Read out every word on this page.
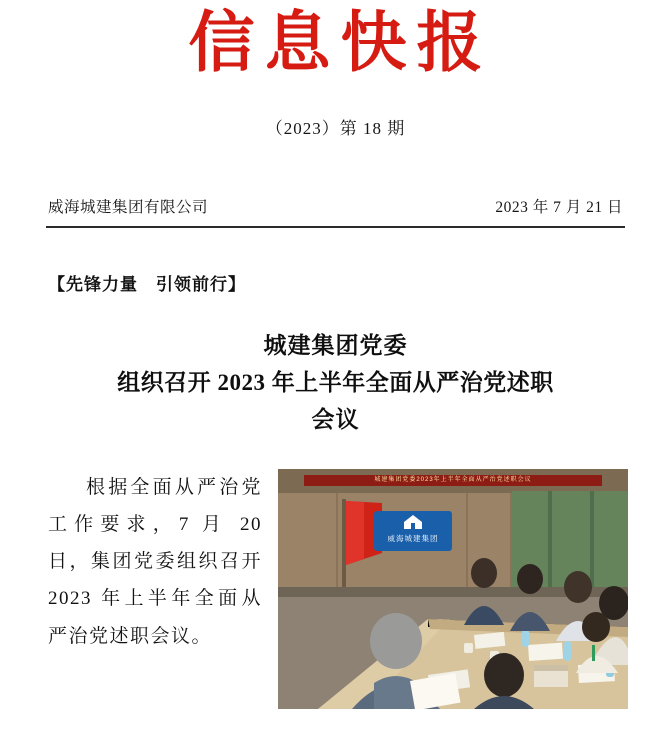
信息快报
（2023）第 18 期
威海城建集团有限公司	2023 年 7 月 21 日
【先锋力量　引领前行】
城建集团党委
组织召开 2023 年上半年全面从严治党述职
会议

根据全面从严治党工作要求，7 月 20 日，集团党委组织召开 2023 年上半年全面从严治党述职会议。

城建集团党委2023年上半年全面从严治党述职会议
威海城建集团
